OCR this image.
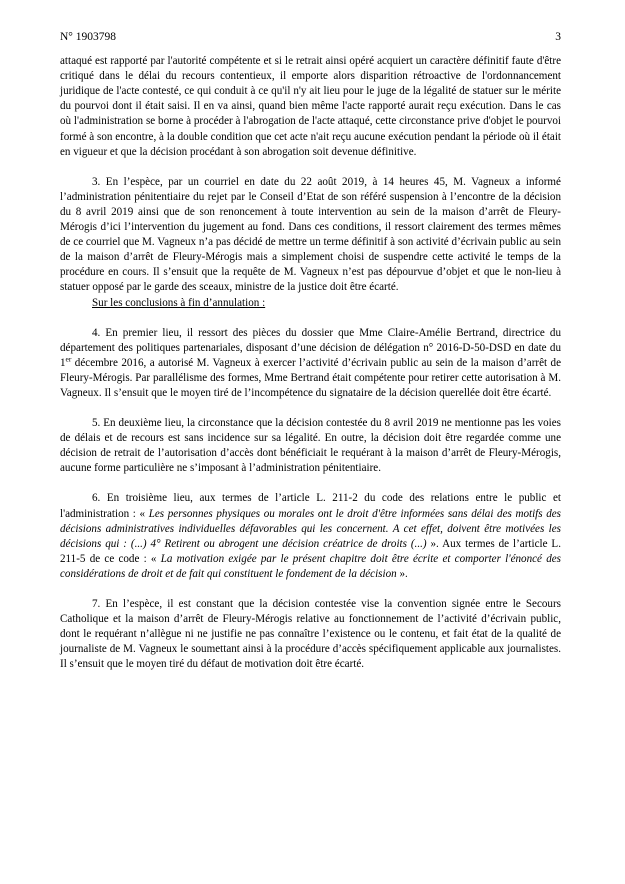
N° 1903798	3

attaqué est rapporté par l'autorité compétente et si le retrait ainsi opéré acquiert un caractère définitif faute d'être critiqué dans le délai du recours contentieux, il emporte alors disparition rétroactive de l'ordonnancement juridique de l'acte contesté, ce qui conduit à ce qu'il n'y ait lieu pour le juge de la légalité de statuer sur le mérite du pourvoi dont il était saisi. Il en va ainsi, quand bien même l'acte rapporté aurait reçu exécution. Dans le cas où l'administration se borne à procéder à l'abrogation de l'acte attaqué, cette circonstance prive d'objet le pourvoi formé à son encontre, à la double condition que cet acte n'ait reçu aucune exécution pendant la période où il était en vigueur et que la décision procédant à son abrogation soit devenue définitive.

3. En l’espèce, par un courriel en date du 22 août 2019, à 14 heures 45, M. Vagneux a informé l’administration pénitentiaire du rejet par le Conseil d’Etat de son référé suspension à l’encontre de la décision du 8 avril 2019 ainsi que de son renoncement à toute intervention au sein de la maison d’arrêt de Fleury-Mérogis d’ici l’intervention du jugement au fond. Dans ces conditions, il ressort clairement des termes mêmes de ce courriel que M. Vagneux n’a pas décidé de mettre un terme définitif à son activité d’écrivain public au sein de la maison d’arrêt de Fleury-Mérogis mais a simplement choisi de suspendre cette activité le temps de la procédure en cours. Il s’ensuit que la requête de M. Vagneux n’est pas dépourvue d’objet et que le non-lieu à statuer opposé par le garde des sceaux, ministre de la justice doit être écarté.

Sur les conclusions à fin d’annulation :

4. En premier lieu, il ressort des pièces du dossier que Mme Claire-Amélie Bertrand, directrice du département des politiques partenariales, disposant d’une décision de délégation n° 2016-D-50-DSD en date du 1er décembre 2016, a autorisé M. Vagneux à exercer l’activité d’écrivain public au sein de la maison d’arrêt de Fleury-Mérogis. Par parallélisme des formes, Mme Bertrand était compétente pour retirer cette autorisation à M. Vagneux. Il s’ensuit que le moyen tiré de l’incompétence du signataire de la décision querellée doit être écarté.

5. En deuxième lieu, la circonstance que la décision contestée du 8 avril 2019 ne mentionne pas les voies de délais et de recours est sans incidence sur sa légalité. En outre, la décision doit être regardée comme une décision de retrait de l’autorisation d’accès dont bénéficiait le requérant à la maison d’arrêt de Fleury-Mérogis, aucune forme particulière ne s’imposant à l’administration pénitentiaire.

6. En troisième lieu, aux termes de l’article L. 211-2 du code des relations entre le public et l'administration : « Les personnes physiques ou morales ont le droit d'être informées sans délai des motifs des décisions administratives individuelles défavorables qui les concernent. A cet effet, doivent être motivées les décisions qui : (...) 4° Retirent ou abrogent une décision créatrice de droits (...) ». Aux termes de l’article L. 211-5 de ce code : « La motivation exigée par le présent chapitre doit être écrite et comporter l'énoncé des considérations de droit et de fait qui constituent le fondement de la décision ».

7. En l’espèce, il est constant que la décision contestée vise la convention signée entre le Secours Catholique et la maison d’arrêt de Fleury-Mérogis relative au fonctionnement de l’activité d’écrivain public, dont le requérant n’allègue ni ne justifie ne pas connaître l’existence ou le contenu, et fait état de la qualité de journaliste de M. Vagneux le soumettant ainsi à la procédure d’accès spécifiquement applicable aux journalistes. Il s’ensuit que le moyen tiré du défaut de motivation doit être écarté.
